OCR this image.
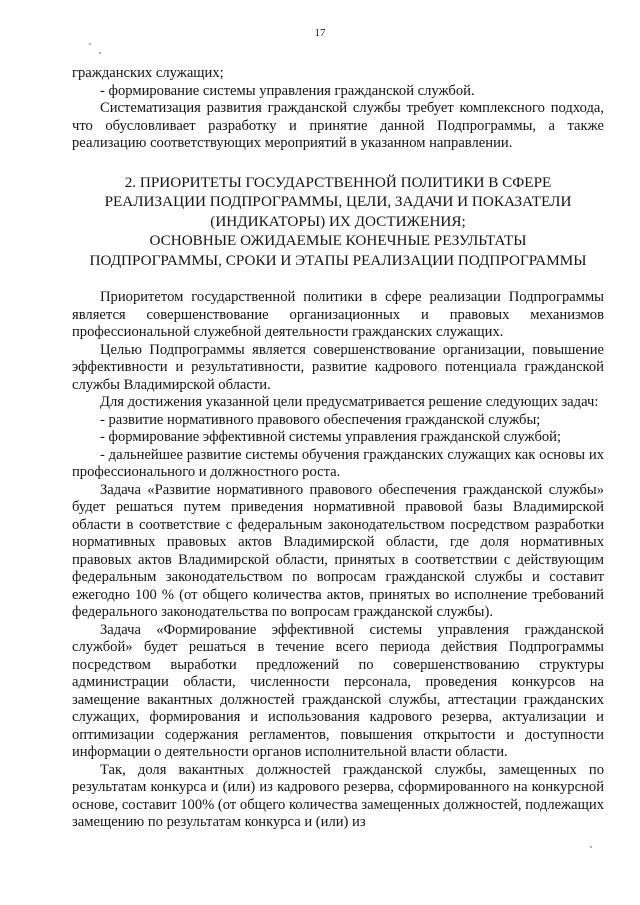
17

гражданских служащих;

- формирование системы управления гражданской службой.

Систематизация развития гражданской службы требует комплексного подхода, что обусловливает разработку и принятие данной Подпрограммы, а также реализацию соответствующих мероприятий в указанном направлении.

2. ПРИОРИТЕТЫ ГОСУДАРСТВЕННОЙ ПОЛИТИКИ В СФЕРЕ

РЕАЛИЗАЦИИ ПОДПРОГРАММЫ, ЦЕЛИ, ЗАДАЧИ И ПОКАЗАТЕЛИ

(ИНДИКАТОРЫ) ИХ ДОСТИЖЕНИЯ;

ОСНОВНЫЕ ОЖИДАЕМЫЕ КОНЕЧНЫЕ РЕЗУЛЬТАТЫ

ПОДПРОГРАММЫ, СРОКИ И ЭТАПЫ РЕАЛИЗАЦИИ ПОДПРОГРАММЫ

Приоритетом государственной политики в сфере реализации Подпрограммы является совершенствование организационных и правовых механизмов профессиональной служебной деятельности гражданских служащих.

Целью Подпрограммы является совершенствование организации, повышение эффективности и результативности, развитие кадрового потенциала гражданской службы Владимирской области.

Для достижения указанной цели предусматривается решение следующих задач:

- развитие нормативного правового обеспечения гражданской службы;

- формирование эффективной системы управления гражданской службой;

- дальнейшее развитие системы обучения гражданских служащих как основы их профессионального и должностного роста.

Задача «Развитие нормативного правового обеспечения гражданской службы» будет решаться путем приведения нормативной правовой базы Владимирской области в соответствие с федеральным законодательством посредством разработки нормативных правовых актов Владимирской области, где доля нормативных правовых актов Владимирской области, принятых в соответствии с действующим федеральным законодательством по вопросам гражданской службы и составит ежегодно 100 % (от общего количества актов, принятых во исполнение требований федерального законодательства по вопросам гражданской службы).

Задача «Формирование эффективной системы управления гражданской службой» будет решаться в течение всего периода действия Подпрограммы посредством выработки предложений по совершенствованию структуры администрации области, численности персонала, проведения конкурсов на замещение вакантных должностей гражданской службы, аттестации гражданских служащих, формирования и использования кадрового резерва, актуализации и оптимизации содержания регламентов, повышения открытости и доступности информации о деятельности органов исполнительной власти области.

Так, доля вакантных должностей гражданской службы, замещенных по результатам конкурса и (или) из кадрового резерва, сформированного на конкурсной основе, составит 100% (от общего количества замещенных должностей, подлежащих замещению по результатам конкурса и (или) из
